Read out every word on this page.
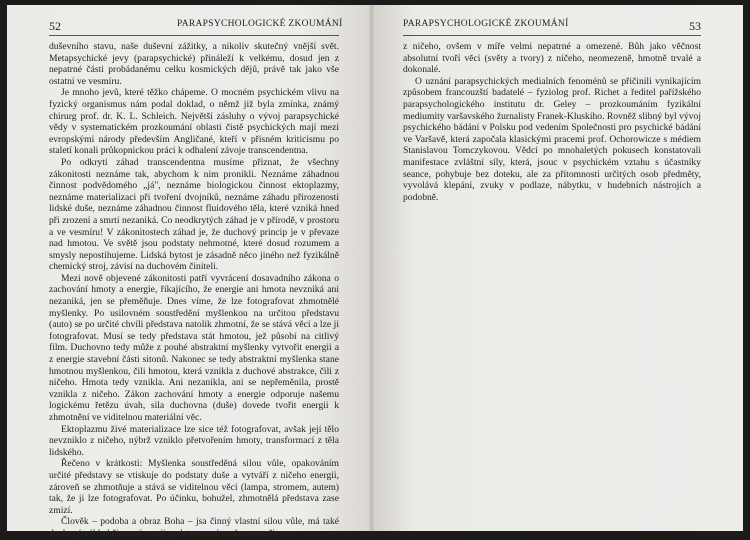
52	PARAPSYCHOLOGICKÉ ZKOUMÁNÍ

duševního stavu, naše duševní zážitky, a nikoliv skutečný vnější svět. Metapsychické jevy (parapsychické) přináleží k velkému, dosud jen z nepatrné části probádanému celku kosmických dějů, právě tak jako vše ostatní ve vesmíru.

Je mnoho jevů, které těžko chápeme. O mocném psychickém vlivu na fyzický organismus nám podal doklad, o němž již byla zmínka, známý chirurg prof. dr. K. L. Schleich. Největší zásluhy o vývoj parapsychické vědy v systematickém prozkoumání oblasti čistě psychických mají mezi evropskými národy především Angličané, kteří v přísném kriticismu po staletí konali průkopnickou práci k odhalení závoje transcendentna.

Po odkrytí záhad transcendentna musíme přiznat, že všechny zákonitosti neznáme tak, abychom k nim pronikli. Neznáme záhadnou činnost podvědomého „já", neznáme biologickou činnost ektoplazmy, neznáme materializaci při tvoření dvojníků, neznáme záhadu přirozenosti lidské duše, neznáme záhadnou činnost fluidového těla, které vzniká hned při zrození a smrtí nezaniká. Co neodkrytých záhad je v přírodě, v prostoru a ve vesmíru! V zákonitostech záhad je, že duchový princip je v převaze nad hmotou. Ve světě jsou podstaty nehmotné, které dosud rozumem a smysly nepostihujeme. Lidská bytost je zásadně něco jiného než fyzikálně chemický stroj, závisí na duchovém činiteli.

Mezi nově objevené zákonitosti patří vyvrácení dosavadního zákona o zachování hmoty a energie, říkajícího, že energie ani hmota nevzniká ani nezaniká, jen se přeměňuje. Dnes víme, že lze fotografovat zhmotnělé myšlenky. Po usilovném soustředění myšlenkou na určitou představu (auto) se po určité chvíli představa natolik zhmotní, že se stává věcí a lze ji fotografovat. Musí se tedy představa stát hmotou, jež působí na citlivý film. Duchovno tedy může z pouhé abstraktní myšlenky vytvořit energii a z energie stavební části sitonů. Nakonec se tedy abstraktní myšlenka stane hmotnou myšlenkou, čili hmotou, která vznikla z duchové abstrakce, čili z ničeho. Hmota tedy vznikla. Ani nezanikla, ani se nepřeměnila, prostě vznikla z ničeho. Zákon zachování hmoty a energie odporuje našemu logickému řetězu úvah, sila duchovna (duše) dovede tvořit energii k zhmotnění ve viditelnou materiální věc.

Ektoplazmu živé materializace lze sice též fotografovat, avšak její tělo nevzniklo z ničeho, nýbrž vzniklo přetvořením hmoty, transformací z těla lidského.

Řečeno v krátkosti: Myšlenka soustředěná silou vůle, opakováním určité představy se vtiskuje do podstaty duše a vytváří z ničeho energii, zároveň se zhmotňuje a stává se viditelnou věcí (lampa, stromem, autem) tak, že ji lze fotografovat. Po účinku, bohužel, zhmotnělá představa zase zmizí.

Člověk – podoba a obraz Boha – jsa činný vlastní silou vůle, má také duchový základ činnosti, svoji podstatou má možnost tvořit

PARAPSYCHOLOGICKÉ ZKOUMÁNÍ	53

z ničeho, ovšem v míře velmi nepatrné a omezené. Bůh jako věčnost absolutní tvoří věci (světy a tvory) z ničeho, neomezeně, hmotně trvalé a dokonalé.

O uznání parapsychických medialních fenoménů se přičinili vynikajícím způsobem francouzští badatelé – fyziolog prof. Richet a ředitel pařížského parapsychologického institutu dr. Geley – prozkoumáním fyzikální mediumity varšavského žurnalisty Franek-Kluskiho. Rovněž slibný byl vývoj psychického bádání v Polsku pod vedením Společnosti pro psychické bádání ve Varšavě, která započala klasickými pracemi prof. Ochorowicze s médiem Stanislavou Tomczykovou. Vědci po mnohaletých pokusech konstatovali manifestace zvláštní síly, která, jsouc v psychickém vztahu s účastníky seance, pohybuje bez doteku, ale za přítomnosti určitých osob předměty, vyvolává klepání, zvuky v podlaze, nábytku, v hudebních nástrojích a podobně.
